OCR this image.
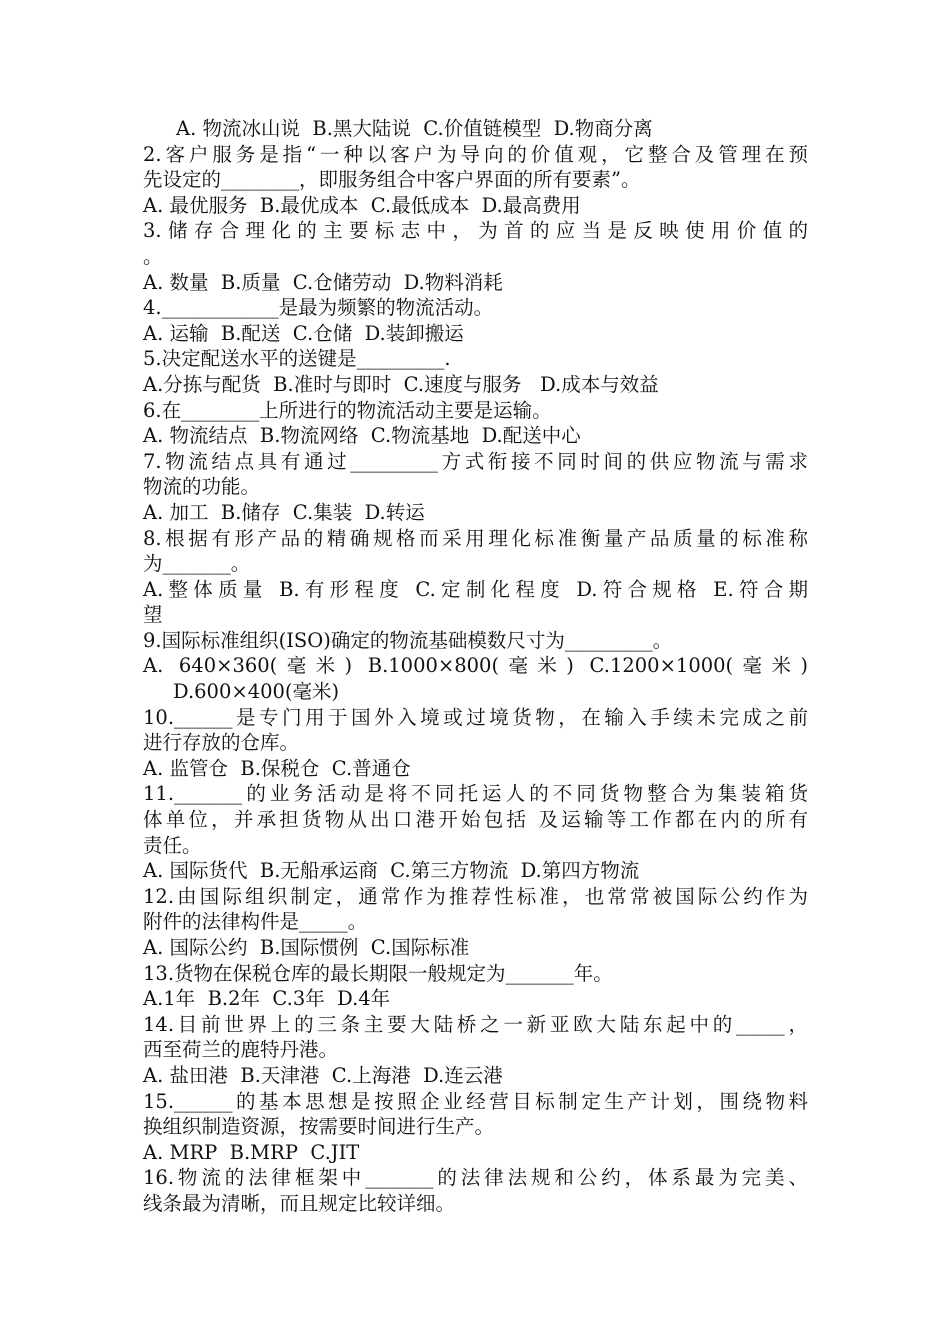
A. 物流冰山说  B.黑大陆说  C.价值链模型  D.物商分离
2.客户服务是指“一种以客户为导向的价值观，它整合及管理在预
先设定的________，即服务组合中客户界面的所有要素”。
A. 最优服务  B.最优成本  C.最低成本  D.最高费用
3.储存合理化的主要标志中，为首的应当是反映使用价值的
。
A. 数量  B.质量  C.仓储劳动  D.物料消耗
4.____________是最为频繁的物流活动。
A. 运输  B.配送  C.仓储  D.装卸搬运
5.决定配送水平的送键是_________.
A.分拣与配货  B.准时与即时  C.速度与服务   D.成本与效益
6.在________上所进行的物流活动主要是运输。
A. 物流结点  B.物流网络  C.物流基地  D.配送中心
7.物流结点具有通过_________方式衔接不同时间的供应物流与需求
物流的功能。
A. 加工  B.储存  C.集装  D.转运
8.根据有形产品的精确规格而采用理化标准衡量产品质量的标准称
为_______。
A.整体质量 B.有形程度 C.定制化程度 D.符合规格 E.符合期
望
9.国际标准组织(ISO)确定的物流基础模数尺寸为_________。
A. 640×360(毫米) B.1000×800(毫米) C.1200×1000(毫米)
D.600×400(毫米)
10.______是专门用于国外入境或过境货物，在输入手续未完成之前
进行存放的仓库。
A. 监管仓  B.保税仓  C.普通仓
11._______的业务活动是将不同托运人的不同货物整合为集装箱货
体单位，并承担货物从出口港开始包括 及运输等工作都在内的所有
责任。
A. 国际货代  B.无船承运商  C.第三方物流  D.第四方物流
12.由国际组织制定，通常作为推荐性标准，也常常被国际公约作为
附件的法律构件是_____。
A. 国际公约  B.国际惯例  C.国际标准
13.货物在保税仓库的最长期限一般规定为_______年。
A.1年  B.2年  C.3年  D.4年
14.目前世界上的三条主要大陆桥之一新亚欧大陆东起中的_____，
西至荷兰的鹿特丹港。
A. 盐田港  B.天津港  C.上海港  D.连云港
15.______的基本思想是按照企业经营目标制定生产计划，围绕物料
换组织制造资源，按需要时间进行生产。
A. MRP  B.MRP  C.JIT
16.物流的法律框架中_______的法律法规和公约，体系最为完美、
线条最为清晰，而且规定比较详细。
